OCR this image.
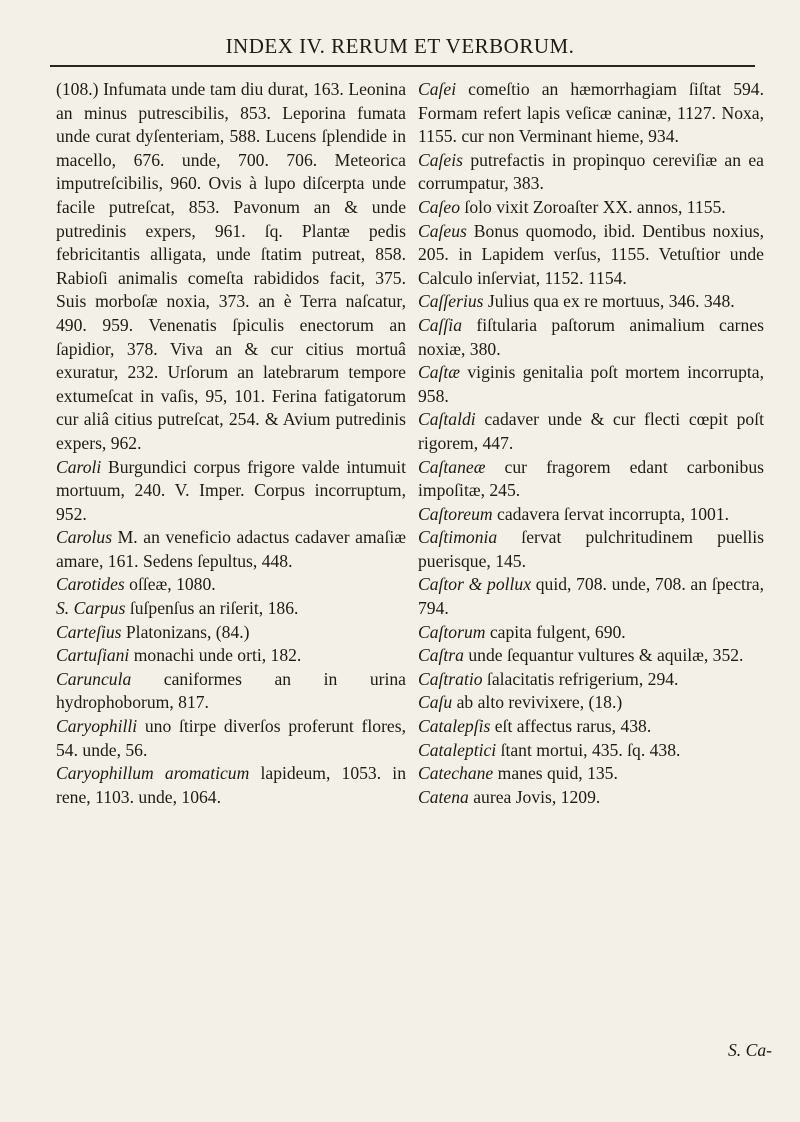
INDEX IV. RERUM ET VERBORUM.

(108.) Infumata unde tam diu durat, 163. Leonina an minus putrescibilis, 853. Leporina fumata unde curat dyſenteriam, 588. Lucens ſplendide in macello, 676. unde, 700. 706. Meteorica imputreſcibilis, 960. Ovis à lupo diſcerpta unde facile putreſcat, 853. Pavonum an & unde putredinis expers, 961. ſq. Plantæ pedis febricitantis alligata, unde ſtatim putreat, 858. Rabioſi animalis comeſta rabididos facit, 375. Suis morboſæ noxia, 373. an è Terra naſcatur, 490. 959. Venenatis ſpiculis enectorum an ſapidior, 378. Viva an & cur citius mortuâ exuratur, 232. Urſorum an latebrarum tempore extumeſcat in vaſis, 95, 101. Ferina fatigatorum cur aliâ citius putreſcat, 254. & Avium putredinis expers, 962.

Caroli Burgundici corpus frigore valde intumuit mortuum, 240. V. Imper. Corpus incorruptum, 952.

Carolus M. an veneficio adactus cadaver amaſiæ amare, 161. Sedens ſepultus, 448.

Carotides oſſeæ, 1080.

S. Carpus ſuſpenſus an riſerit, 186.

Carteſius Platonizans, (84.)

Cartuſiani monachi unde orti, 182.

Caruncula caniformes an in urina hydrophoborum, 817.

Caryophilli uno ſtirpe diverſos proferunt flores, 54. unde, 56.

Caryophillum aromaticum lapideum, 1053. in rene, 1103. unde, 1064.

Caſei comeſtio an hæmorrhagiam ſiſtat 594. Formam refert lapis veſicæ caninæ, 1127. Noxa, 1155. cur non Verminant hieme, 934.

Caſeis putrefactis in propinquo cereviſiæ an ea corrumpatur, 383.

Caſeo ſolo vixit Zoroaſter XX. annos, 1155.

Caſeus Bonus quomodo, ibid. Dentibus noxius, 205. in Lapidem verſus, 1155. Vetuſtior unde Calculo inſerviat, 1152. 1154.

Caſſerius Julius qua ex re mortuus, 346. 348.

Caſſia fiſtularia paſtorum animalium carnes noxiæ, 380.

Caſtæ viginis genitalia poſt mortem incorrupta, 958.

Caſtaldi cadaver unde & cur flecti cœpit poſt rigorem, 447.

Caſtaneæ cur fragorem edant carbonibus impoſitæ, 245.

Caſtoreum cadavera ſervat incorrupta, 1001.

Caſtimonia ſervat pulchritudinem puellis puerisque, 145.

Caſtor & pollux quid, 708. unde, 708. an ſpectra, 794.

Caſtorum capita fulgent, 690.

Caſtra unde ſequantur vultures & aquilæ, 352.

Caſtratio ſalacitatis refrigerium, 294.

Caſu ab alto revivixere, (18.)

Catalepſis eſt affectus rarus, 438.

Cataleptici ſtant mortui, 435. ſq. 438.

Catechane manes quid, 135.

Catena aurea Jovis, 1209.

S. Ca-
